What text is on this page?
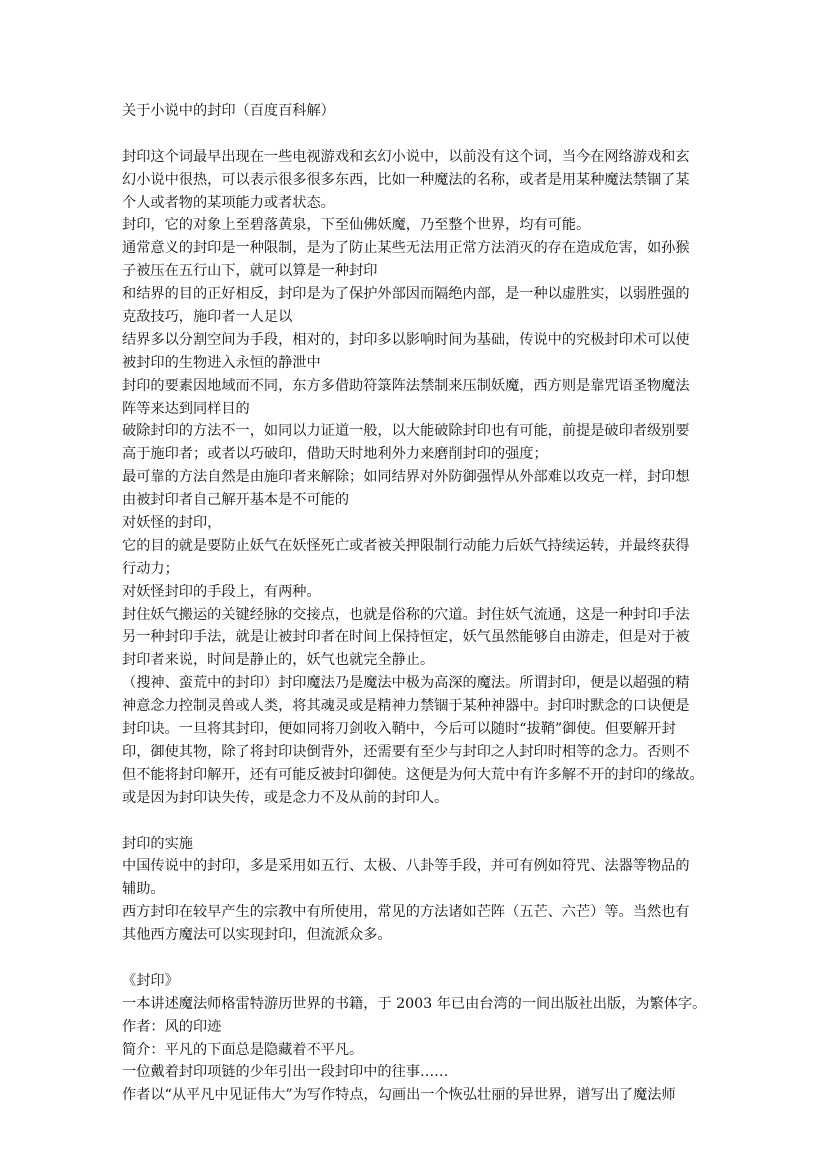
关于小说中的封印（百度百科解）
封印这个词最早出现在一些电视游戏和玄幻小说中，以前没有这个词，当今在网络游戏和玄
幻小说中很热，可以表示很多很多东西，比如一种魔法的名称，或者是用某种魔法禁锢了某
个人或者物的某项能力或者状态。
封印，它的对象上至碧落黄泉，下至仙佛妖魔，乃至整个世界，均有可能。
通常意义的封印是一种限制，是为了防止某些无法用正常方法消灭的存在造成危害，如孙猴
子被压在五行山下，就可以算是一种封印
和结界的目的正好相反，封印是为了保护外部因而隔绝内部，是一种以虚胜实，以弱胜强的
克敌技巧，施印者一人足以
结界多以分割空间为手段，相对的，封印多以影响时间为基础，传说中的究极封印术可以使
被封印的生物进入永恒的静泄中
封印的要素因地域而不同，东方多借助符箓阵法禁制来压制妖魔，西方则是靠咒语圣物魔法
阵等来达到同样目的
破除封印的方法不一，如同以力证道一般，以大能破除封印也有可能，前提是破印者级别要
高于施印者；或者以巧破印，借助天时地利外力来磨削封印的强度；
最可靠的方法自然是由施印者来解除；如同结界对外防御强悍从外部难以攻克一样，封印想
由被封印者自己解开基本是不可能的
对妖怪的封印，
它的目的就是要防止妖气在妖怪死亡或者被关押限制行动能力后妖气持续运转，并最终获得
行动力；
对妖怪封印的手段上，有两种。
封住妖气搬运的关键经脉的交接点，也就是俗称的穴道。封住妖气流通，这是一种封印手法
另一种封印手法，就是让被封印者在时间上保持恒定，妖气虽然能够自由游走，但是对于被
封印者来说，时间是静止的，妖气也就完全静止。
（搜神、蛮荒中的封印）封印魔法乃是魔法中极为高深的魔法。所谓封印，便是以超强的精
神意念力控制灵兽或人类，将其魂灵或是精神力禁锢于某种神器中。封印时默念的口诀便是
封印诀。一旦将其封印，便如同将刀剑收入鞘中，今后可以随时“拔鞘”御使。但要解开封
印，御使其物，除了将封印诀倒背外，还需要有至少与封印之人封印时相等的念力。否则不
但不能将封印解开，还有可能反被封印御使。这便是为何大荒中有许多解不开的封印的缘故。
或是因为封印诀失传，或是念力不及从前的封印人。
封印的实施
中国传说中的封印，多是采用如五行、太极、八卦等手段，并可有例如符咒、法器等物品的
辅助。
西方封印在较早产生的宗教中有所使用，常见的方法诸如芒阵（五芒、六芒）等。当然也有
其他西方魔法可以实现封印，但流派众多。
《封印》
一本讲述魔法师格雷特游历世界的书籍，于 2003 年已由台湾的一间出版社出版，为繁体字。
作者：风的印迹
简介：平凡的下面总是隐藏着不平凡。
一位戴着封印项链的少年引出一段封印中的往事……
作者以“从平凡中见证伟大”为写作特点，勾画出一个恢弘壮丽的异世界，谱写出了魔法师
